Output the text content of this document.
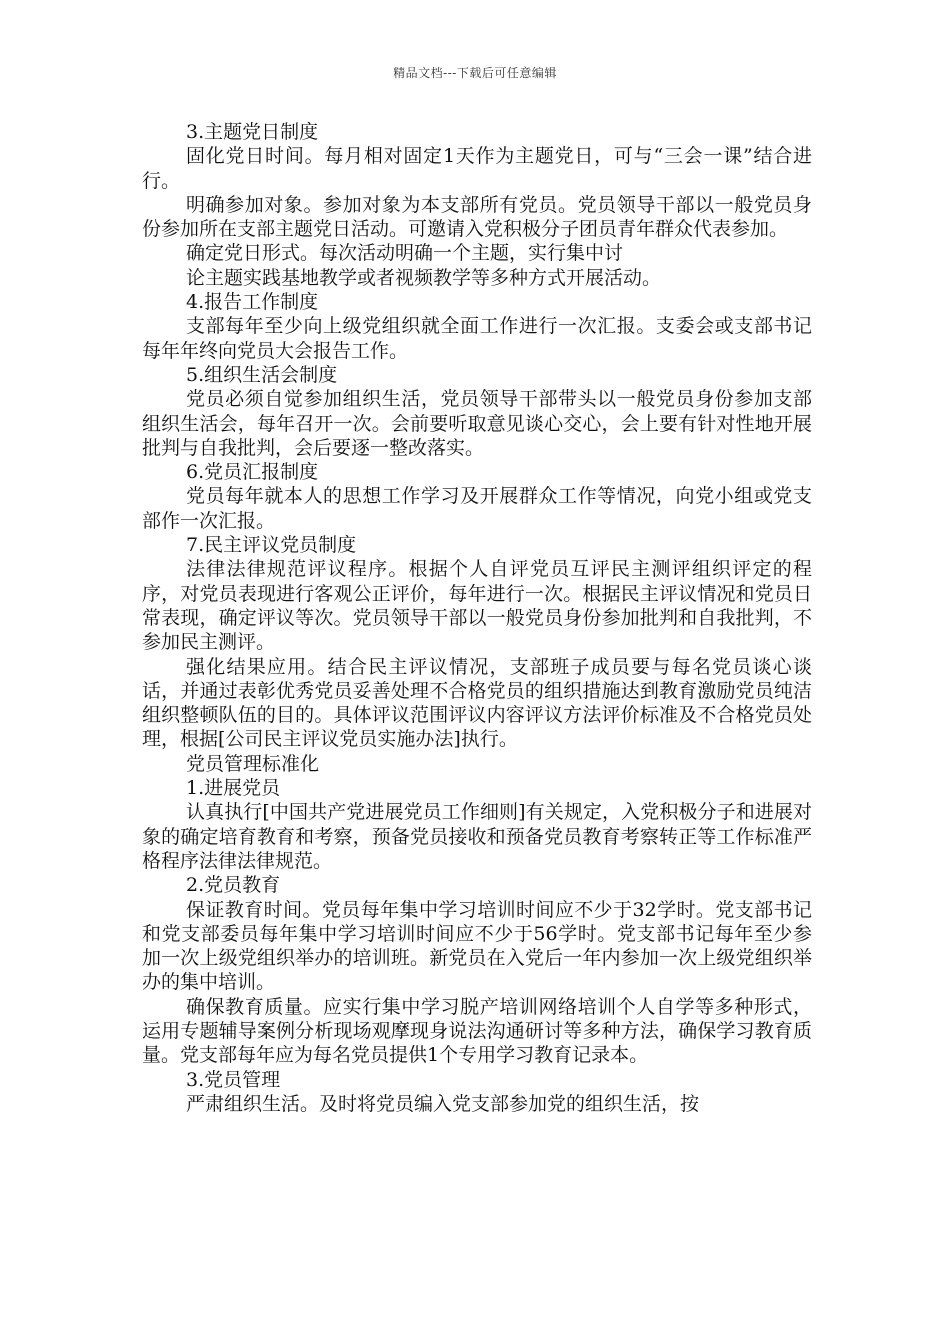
精品文档---下载后可任意编辑

3.主题党日制度

固化党日时间。每月相对固定1天作为主题党日，可与“三会一课”结合进行。

明确参加对象。参加对象为本支部所有党员。党员领导干部以一般党员身份参加所在支部主题党日活动。可邀请入党积极分子团员青年群众代表参加。

确定党日形式。每次活动明确一个主题，实行集中讨

论主题实践基地教学或者视频教学等多种方式开展活动。

4.报告工作制度

支部每年至少向上级党组织就全面工作进行一次汇报。支委会或支部书记每年年终向党员大会报告工作。

5.组织生活会制度

党员必须自觉参加组织生活，党员领导干部带头以一般党员身份参加支部组织生活会，每年召开一次。会前要听取意见谈心交心，会上要有针对性地开展批判与自我批判，会后要逐一整改落实。

6.党员汇报制度

党员每年就本人的思想工作学习及开展群众工作等情况，向党小组或党支部作一次汇报。

7.民主评议党员制度

法律法律规范评议程序。根据个人自评党员互评民主测评组织评定的程序，对党员表现进行客观公正评价，每年进行一次。根据民主评议情况和党员日常表现，确定评议等次。党员领导干部以一般党员身份参加批判和自我批判，不参加民主测评。

强化结果应用。结合民主评议情况，支部班子成员要与每名党员谈心谈话，并通过表彰优秀党员妥善处理不合格党员的组织措施达到教育激励党员纯洁组织整顿队伍的目的。具体评议范围评议内容评议方法评价标准及不合格党员处理，根据[公司民主评议党员实施办法]执行。

党员管理标准化

1.进展党员

认真执行[中国共产党进展党员工作细则]有关规定，入党积极分子和进展对象的确定培育教育和考察，预备党员接收和预备党员教育考察转正等工作标准严格程序法律法律规范。

2.党员教育

保证教育时间。党员每年集中学习培训时间应不少于32学时。党支部书记和党支部委员每年集中学习培训时间应不少于56学时。党支部书记每年至少参加一次上级党组织举办的培训班。新党员在入党后一年内参加一次上级党组织举办的集中培训。

确保教育质量。应实行集中学习脱产培训网络培训个人自学等多种形式，运用专题辅导案例分析现场观摩现身说法沟通研讨等多种方法，确保学习教育质量。党支部每年应为每名党员提供1个专用学习教育记录本。

3.党员管理

严肃组织生活。及时将党员编入党支部参加党的组织生活，按
